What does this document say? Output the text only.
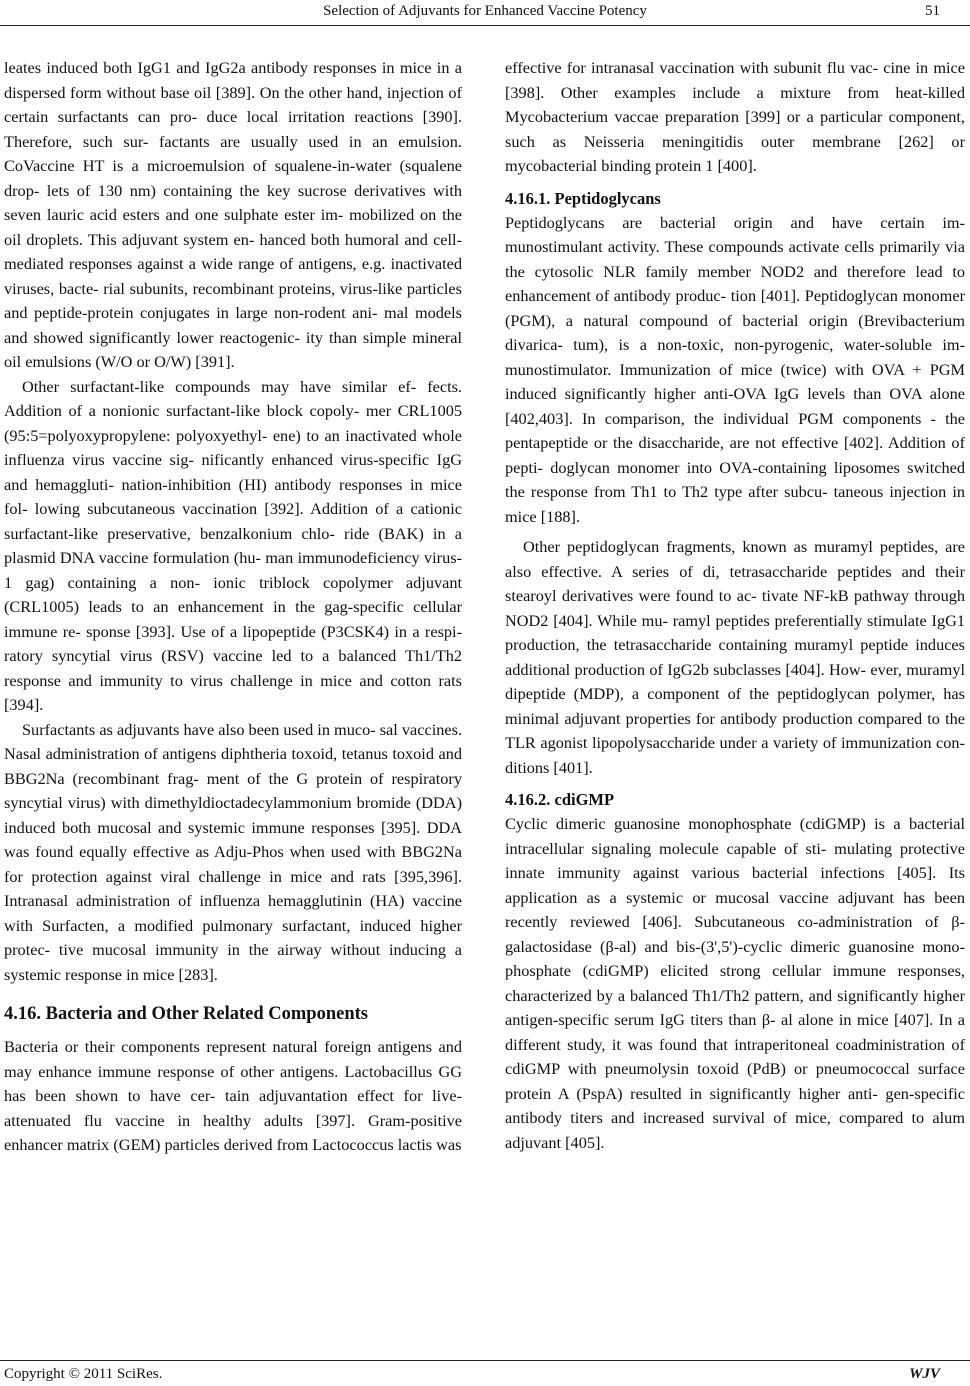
Selection of Adjuvants for Enhanced Vaccine Potency	51

leates induced both IgG1 and IgG2a antibody responses in mice in a dispersed form without base oil [389]. On the other hand, injection of certain surfactants can pro- duce local irritation reactions [390]. Therefore, such sur- factants are usually used in an emulsion. CoVaccine HT is a microemulsion of squalene-in-water (squalene drop- lets of 130 nm) containing the key sucrose derivatives with seven lauric acid esters and one sulphate ester im- mobilized on the oil droplets. This adjuvant system en- hanced both humoral and cell-mediated responses against a wide range of antigens, e.g. inactivated viruses, bacte- rial subunits, recombinant proteins, virus-like particles and peptide-protein conjugates in large non-rodent ani- mal models and showed significantly lower reactogenic- ity than simple mineral oil emulsions (W/O or O/W) [391].

Other surfactant-like compounds may have similar ef- fects. Addition of a nonionic surfactant-like block copoly- mer CRL1005 (95:5=polyoxypropylene: polyoxyethyl- ene) to an inactivated whole influenza virus vaccine sig- nificantly enhanced virus-specific IgG and hemaggluti- nation-inhibition (HI) antibody responses in mice fol- lowing subcutaneous vaccination [392]. Addition of a cationic surfactant-like preservative, benzalkonium chlo- ride (BAK) in a plasmid DNA vaccine formulation (hu- man immunodeficiency virus-1 gag) containing a non- ionic triblock copolymer adjuvant (CRL1005) leads to an enhancement in the gag-specific cellular immune re- sponse [393]. Use of a lipopeptide (P3CSK4) in a respi- ratory syncytial virus (RSV) vaccine led to a balanced Th1/Th2 response and immunity to virus challenge in mice and cotton rats [394].

Surfactants as adjuvants have also been used in muco- sal vaccines. Nasal administration of antigens diphtheria toxoid, tetanus toxoid and BBG2Na (recombinant frag- ment of the G protein of respiratory syncytial virus) with dimethyldioctadecylammonium bromide (DDA) induced both mucosal and systemic immune responses [395]. DDA was found equally effective as Adju-Phos when used with BBG2Na for protection against viral challenge in mice and rats [395,396]. Intranasal administration of influenza hemagglutinin (HA) vaccine with Surfacten, a modified pulmonary surfactant, induced higher protec- tive mucosal immunity in the airway without inducing a systemic response in mice [283].

4.16. Bacteria and Other Related Components

Bacteria or their components represent natural foreign antigens and may enhance immune response of other antigens. Lactobacillus GG has been shown to have cer- tain adjuvantation effect for live-attenuated flu vaccine in healthy adults [397]. Gram-positive enhancer matrix (GEM) particles derived from Lactococcus lactis was

effective for intranasal vaccination with subunit flu vac- cine in mice [398]. Other examples include a mixture from heat-killed Mycobacterium vaccae preparation [399] or a particular component, such as Neisseria meningitidis outer membrane [262] or mycobacterial binding protein 1 [400].

4.16.1. Peptidoglycans

Peptidoglycans are bacterial origin and have certain im- munostimulant activity. These compounds activate cells primarily via the cytosolic NLR family member NOD2 and therefore lead to enhancement of antibody produc- tion [401]. Peptidoglycan monomer (PGM), a natural compound of bacterial origin (Brevibacterium divarica- tum), is a non-toxic, non-pyrogenic, water-soluble im- munostimulator. Immunization of mice (twice) with OVA + PGM induced significantly higher anti-OVA IgG levels than OVA alone [402,403]. In comparison, the individual PGM components - the pentapeptide or the disaccharide, are not effective [402]. Addition of pepti- doglycan monomer into OVA-containing liposomes switched the response from Th1 to Th2 type after subcu- taneous injection in mice [188].

Other peptidoglycan fragments, known as muramyl peptides, are also effective. A series of di, tetrasaccharide peptides and their stearoyl derivatives were found to ac- tivate NF-kB pathway through NOD2 [404]. While mu- ramyl peptides preferentially stimulate IgG1 production, the tetrasaccharide containing muramyl peptide induces additional production of IgG2b subclasses [404]. How- ever, muramyl dipeptide (MDP), a component of the peptidoglycan polymer, has minimal adjuvant properties for antibody production compared to the TLR agonist lipopolysaccharide under a variety of immunization con- ditions [401].

4.16.2. cdiGMP

Cyclic dimeric guanosine monophosphate (cdiGMP) is a bacterial intracellular signaling molecule capable of sti- mulating protective innate immunity against various bacterial infections [405]. Its application as a systemic or mucosal vaccine adjuvant has been recently reviewed [406]. Subcutaneous co-administration of β-galactosidase (β-al) and bis-(3',5')-cyclic dimeric guanosine mono- phosphate (cdiGMP) elicited strong cellular immune responses, characterized by a balanced Th1/Th2 pattern, and significantly higher antigen-specific serum IgG titers than β- al alone in mice [407]. In a different study, it was found that intraperitoneal coadministration of cdiGMP with pneumolysin toxoid (PdB) or pneumococcal surface protein A (PspA) resulted in significantly higher anti- gen-specific antibody titers and increased survival of mice, compared to alum adjuvant [405].

Copyright © 2011 SciRes.	WJV
